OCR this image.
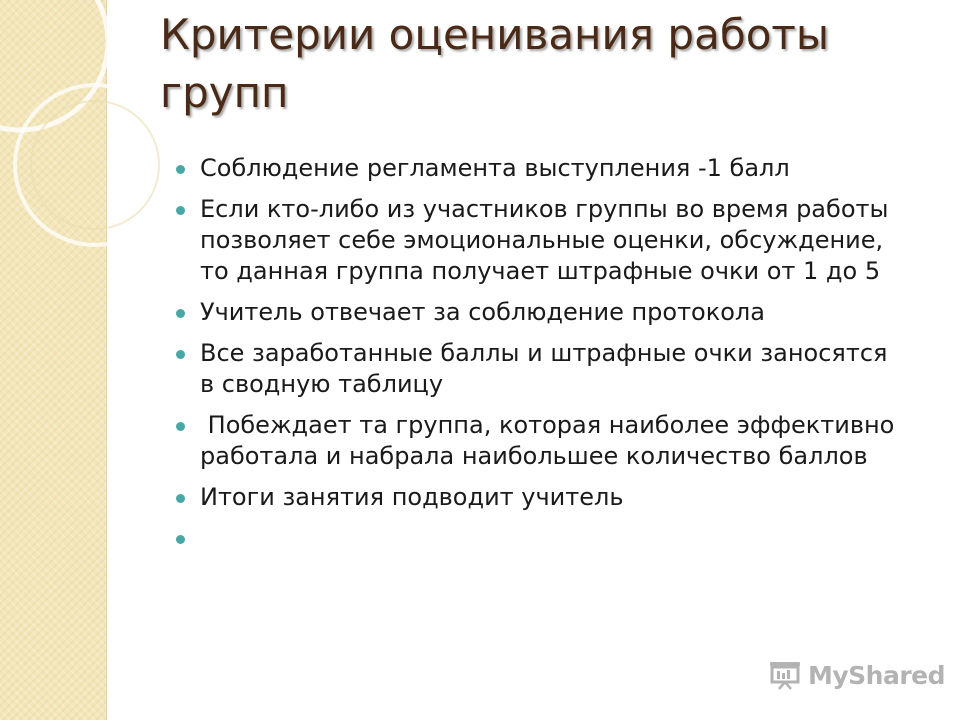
Критерии оценивания работы групп
Соблюдение регламента выступления -1 балл
Если кто-либо из участников группы во время работы позволяет себе эмоциональные оценки, обсуждение,  то данная группа получает штрафные очки от 1 до 5
Учитель отвечает за соблюдение протокола
Все заработанные баллы и штрафные очки заносятся в сводную таблицу
Побеждает та группа, которая наиболее эффективно работала и набрала наибольшее количество баллов
Итоги занятия подводит учитель
MyShared
